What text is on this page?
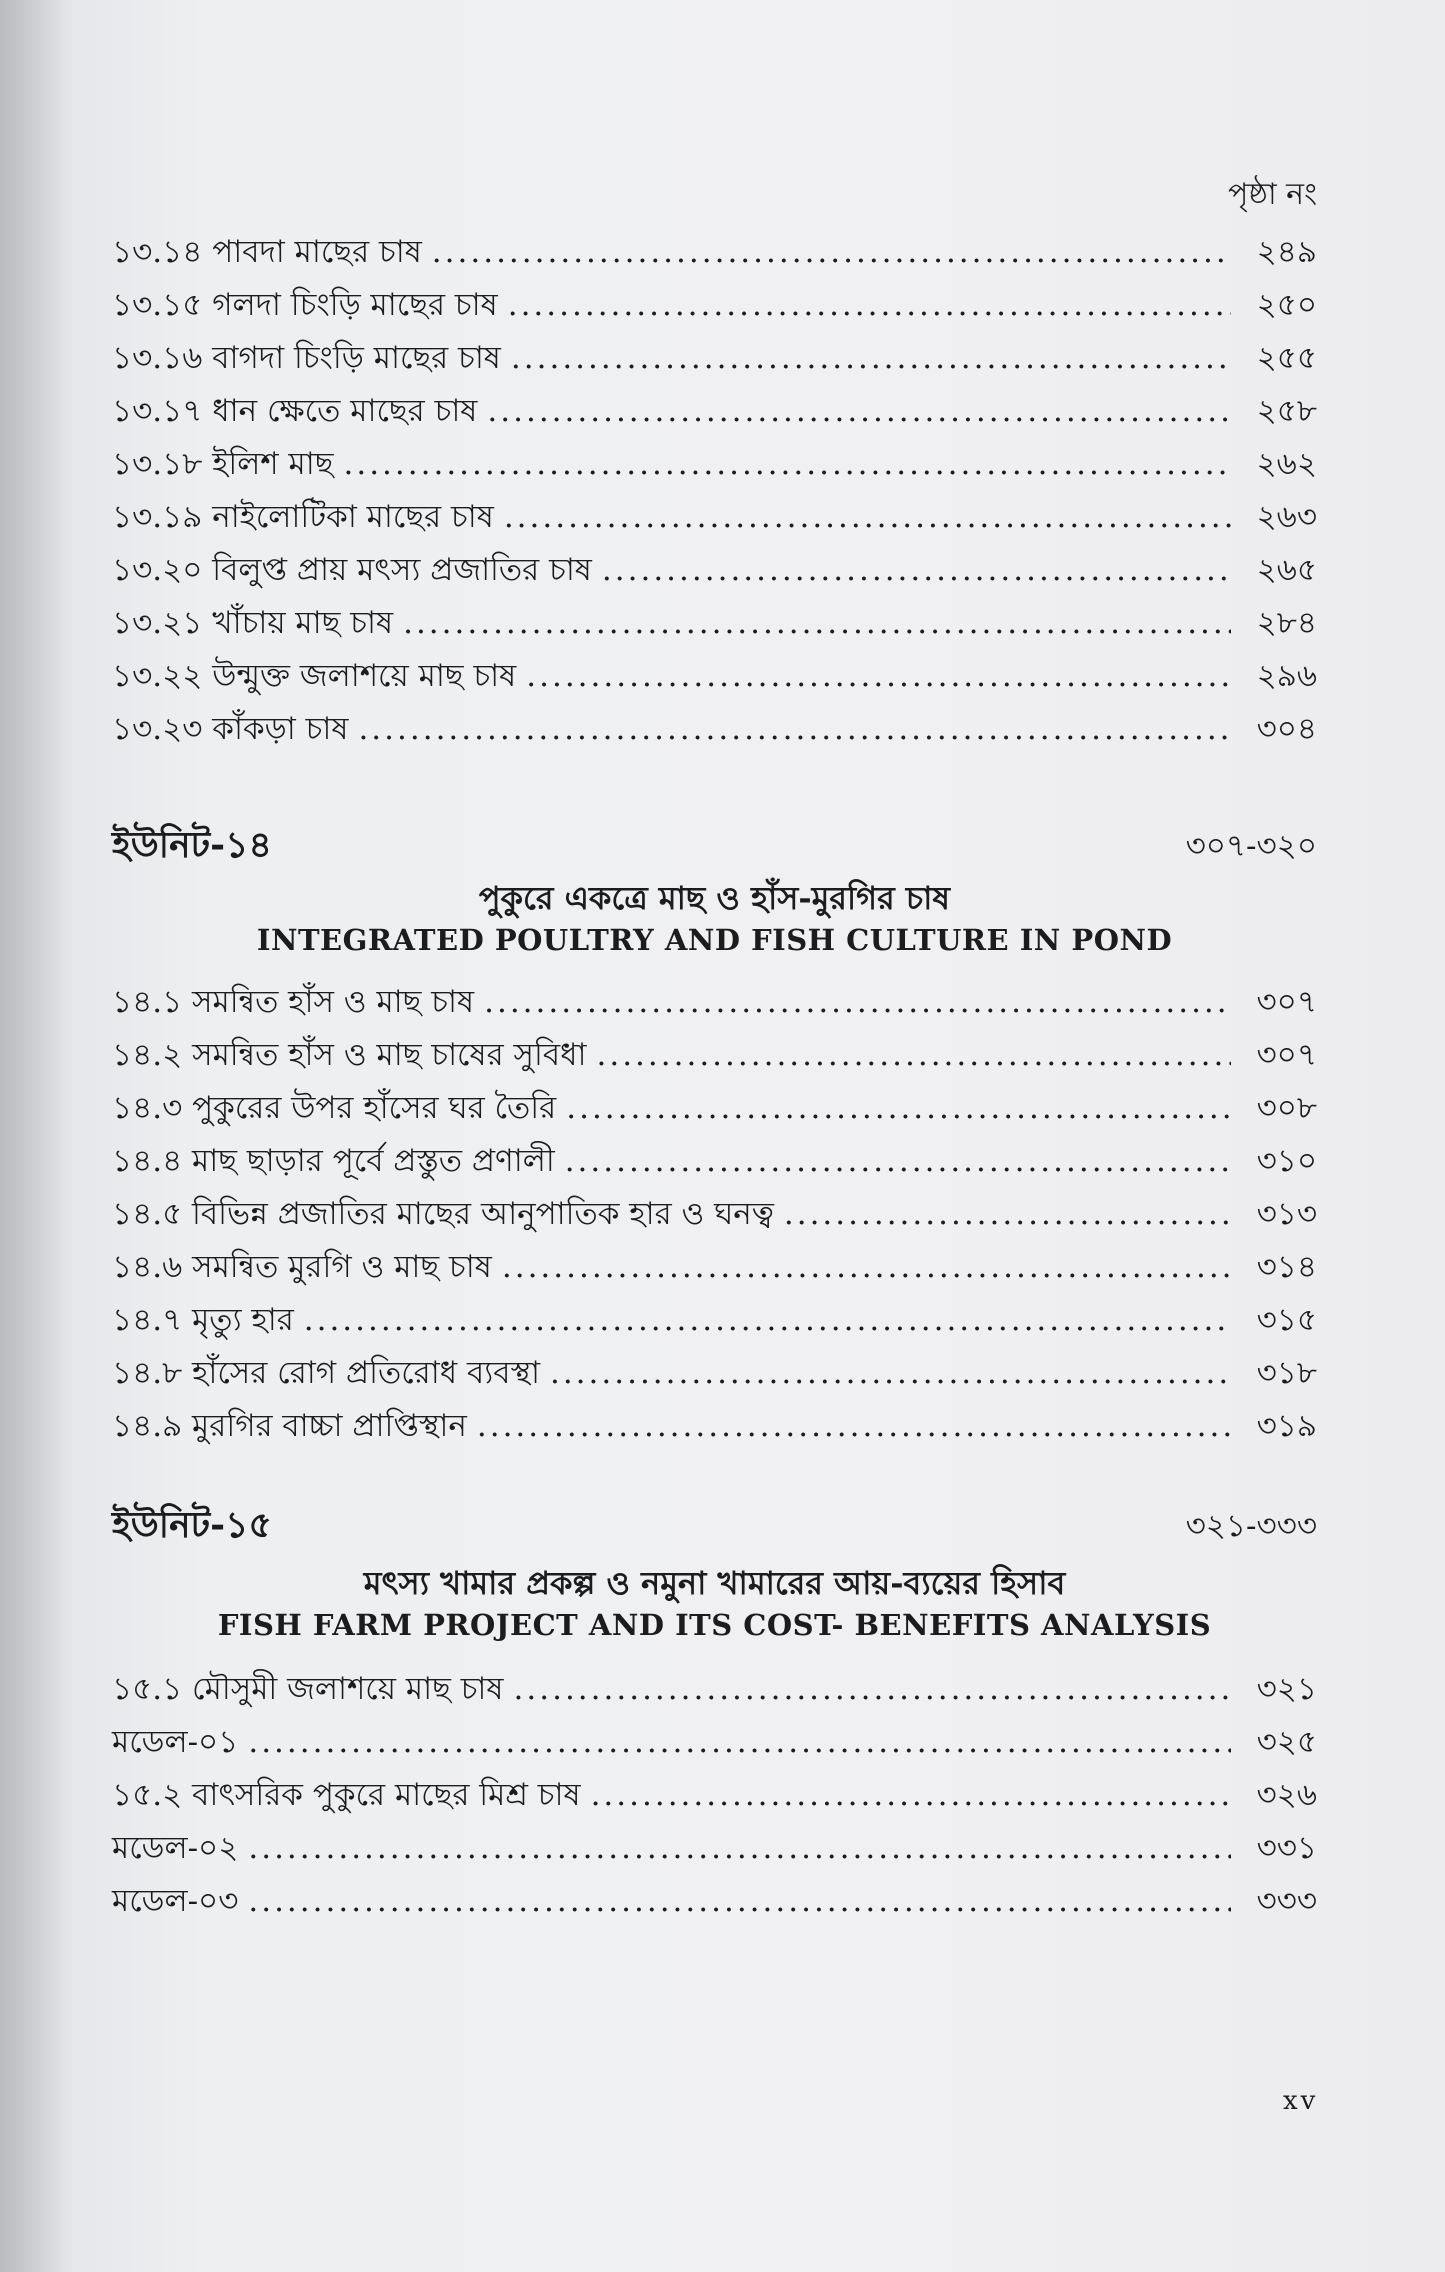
পৃষ্ঠা নং
১৩.১৪ পাবদা মাছের চাষ .....	২৪৯
১৩.১৫ গলদা চিংড়ি মাছের চাষ .....	২৫০
১৩.১৬ বাগদা চিংড়ি মাছের চাষ .....	২৫৫
১৩.১৭ ধান ক্ষেতে মাছের চাষ .....	২৫৮
১৩.১৮ ইলিশ মাছ .....	২৬২
১৩.১৯ নাইলোটিকা মাছের চাষ .....	২৬৩
১৩.২০ বিলুপ্ত প্রায় মৎস্য প্রজাতির চাষ .....	২৬৫
১৩.২১ খাঁচায় মাছ চাষ .....	২৮৪
১৩.২২ উন্মুক্ত জলাশয়ে মাছ চাষ .....	২৯৬
১৩.২৩ কাঁকড়া চাষ .....	৩০৪
ইউনিট-১৪	৩০৭-৩২০
পুকুরে একত্রে মাছ ও হাঁস-মুরগির চাষ
INTEGRATED POULTRY AND FISH CULTURE IN POND
১৪.১ সমন্বিত হাঁস ও মাছ চাষ .....	৩০৭
১৪.২ সমন্বিত হাঁস ও মাছ চাষের সুবিধা .....	৩০৭
১৪.৩ পুকুরের উপর হাঁসের ঘর তৈরি .....	৩০৮
১৪.৪ মাছ ছাড়ার পূর্বে প্রস্তুত প্রণালী .....	৩১০
১৪.৫ বিভিন্ন প্রজাতির মাছের আনুপাতিক হার ও ঘনত্ব .....	৩১৩
১৪.৬ সমন্বিত মুরগি ও মাছ চাষ .....	৩১৪
১৪.৭ মৃত্যু হার .....	৩১৫
১৪.৮ হাঁসের রোগ প্রতিরোধ ব্যবস্থা .....	৩১৮
১৪.৯ মুরগির বাচ্চা প্রাপ্তিস্থান .....	৩১৯
ইউনিট-১৫	৩২১-৩৩৩
মৎস্য খামার প্রকল্প ও নমুনা খামারের আয়-ব্যয়ের হিসাব
FISH FARM PROJECT AND ITS COST- BENEFITS ANALYSIS
১৫.১ মৌসুমী জলাশয়ে মাছ চাষ .....	৩২১
মডেল-০১ .....	৩২৫
১৫.২ বাৎসরিক পুকুরে মাছের মিশ্র চাষ .....	৩২৬
মডেল-০২ .....	৩৩১
মডেল-০৩ .....	৩৩৩
xv
